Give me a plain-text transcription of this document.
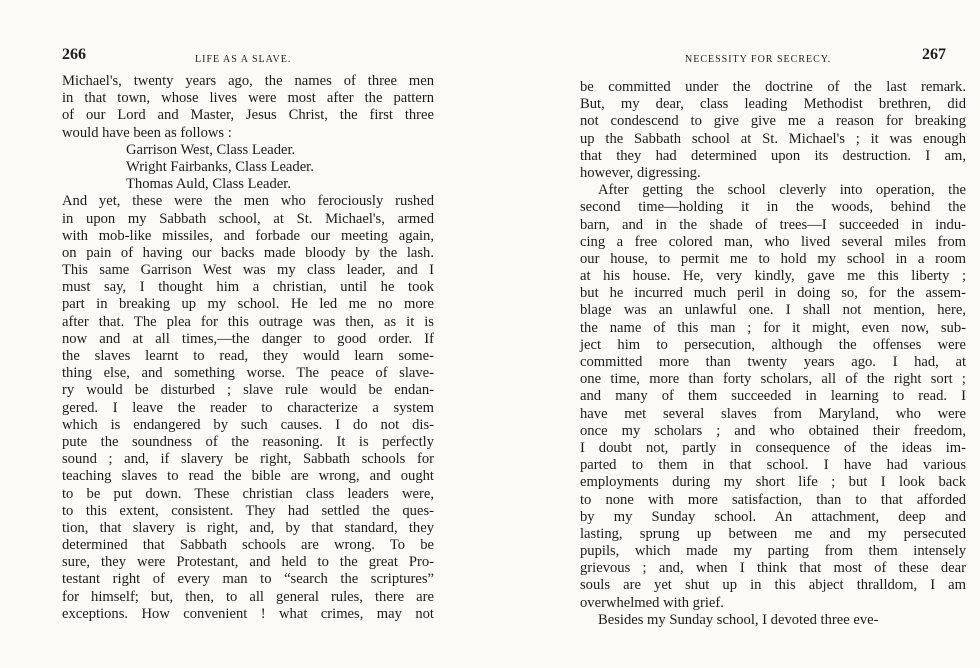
266	LIFE AS A SLAVE.
Michael's, twenty years ago, the names of three men
in that town, whose lives were most after the pattern
of our Lord and Master, Jesus Christ, the first three
would have been as follows :
Garrison West, Class Leader.
Wright Fairbanks, Class Leader.
Thomas Auld, Class Leader.
And yet, these were the men who ferociously rushed
in upon my Sabbath school, at St. Michael's, armed
with mob-like missiles, and forbade our meeting again,
on pain of having our backs made bloody by the lash.
This same Garrison West was my class leader, and I
must say, I thought him a christian, until he took
part in breaking up my school. He led me no more
after that. The plea for this outrage was then, as it is
now and at all times,—the danger to good order. If
the slaves learnt to read, they would learn some-
thing else, and something worse. The peace of slave-
ry would be disturbed ; slave rule would be endan-
gered. I leave the reader to characterize a system
which is endangered by such causes. I do not dis-
pute the soundness of the reasoning. It is perfectly
sound ; and, if slavery be right, Sabbath schools for
teaching slaves to read the bible are wrong, and ought
to be put down. These christian class leaders were,
to this extent, consistent. They had settled the ques-
tion, that slavery is right, and, by that standard, they
determined that Sabbath schools are wrong. To be
sure, they were Protestant, and held to the great Pro-
testant right of every man to “search the scriptures”
for himself; but, then, to all general rules, there are
exceptions. How convenient ! what crimes, may not
NECESSITY FOR SECRECY.	267
be committed under the doctrine of the last remark.
But, my dear, class leading Methodist brethren, did
not condescend to give give me a reason for breaking
up the Sabbath school at St. Michael's ; it was enough
that they had determined upon its destruction. I am,
however, digressing.
After getting the school cleverly into operation, the
second time—holding it in the woods, behind the
barn, and in the shade of trees—I succeeded in indu-
cing a free colored man, who lived several miles from
our house, to permit me to hold my school in a room
at his house. He, very kindly, gave me this liberty ;
but he incurred much peril in doing so, for the assem-
blage was an unlawful one. I shall not mention, here,
the name of this man ; for it might, even now, sub-
ject him to persecution, although the offenses were
committed more than twenty years ago. I had, at
one time, more than forty scholars, all of the right sort ;
and many of them succeeded in learning to read. I
have met several slaves from Maryland, who were
once my scholars ; and who obtained their freedom,
I doubt not, partly in consequence of the ideas im-
parted to them in that school. I have had various
employments during my short life ; but I look back
to none with more satisfaction, than to that afforded
by my Sunday school. An attachment, deep and
lasting, sprung up between me and my persecuted
pupils, which made my parting from them intensely
grievous ; and, when I think that most of these dear
souls are yet shut up in this abject thralldom, I am
overwhelmed with grief.
Besides my Sunday school, I devoted three eve-
